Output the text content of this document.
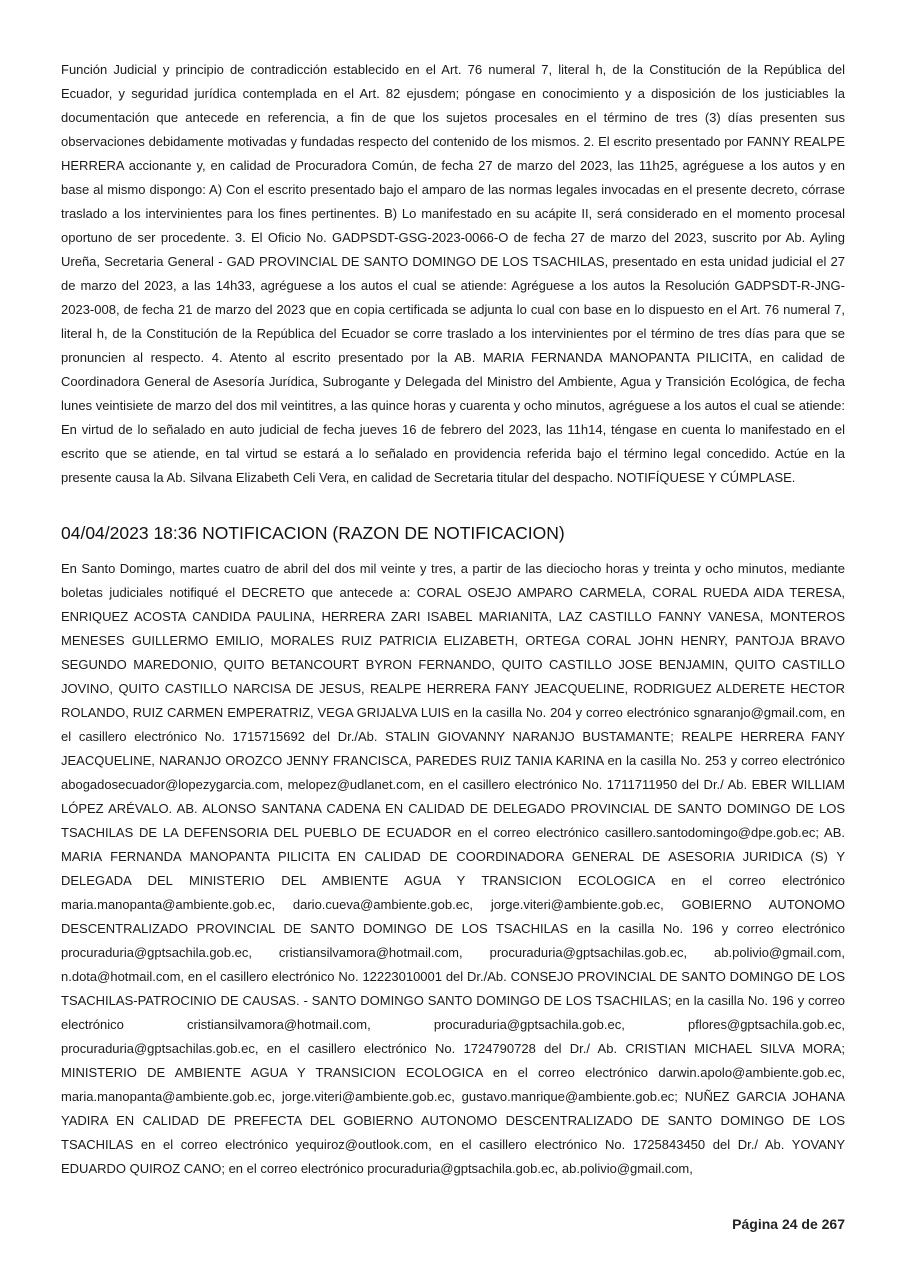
Función Judicial y principio de contradicción establecido en el Art. 76 numeral 7, literal h, de la Constitución de la República del Ecuador, y seguridad jurídica contemplada en el Art. 82 ejusdem; póngase en conocimiento y a disposición de los justiciables la documentación que antecede en referencia, a fin de que los sujetos procesales en el término de tres (3) días presenten sus observaciones debidamente motivadas y fundadas respecto del contenido de los mismos. 2. El escrito presentado por FANNY REALPE HERRERA accionante y, en calidad de Procuradora Común, de fecha 27 de marzo del 2023, las 11h25, agréguese a los autos y en base al mismo dispongo: A) Con el escrito presentado bajo el amparo de las normas legales invocadas en el presente decreto, córrase traslado a los intervinientes para los fines pertinentes. B) Lo manifestado en su acápite II, será considerado en el momento procesal oportuno de ser procedente. 3. El Oficio No. GADPSDT-GSG-2023-0066-O de fecha 27 de marzo del 2023, suscrito por Ab. Ayling Ureña, Secretaria General - GAD PROVINCIAL DE SANTO DOMINGO DE LOS TSACHILAS, presentado en esta unidad judicial el 27 de marzo del 2023, a las 14h33, agréguese a los autos el cual se atiende: Agréguese a los autos la Resolución GADPSDT-R-JNG-2023-008, de fecha 21 de marzo del 2023 que en copia certificada se adjunta lo cual con base en lo dispuesto en el Art. 76 numeral 7, literal h, de la Constitución de la República del Ecuador se corre traslado a los intervinientes por el término de tres días para que se pronuncien al respecto. 4. Atento al escrito presentado por la AB. MARIA FERNANDA MANOPANTA PILICITA, en calidad de Coordinadora General de Asesoría Jurídica, Subrogante y Delegada del Ministro del Ambiente, Agua y Transición Ecológica, de fecha lunes veintisiete de marzo del dos mil veintitres, a las quince horas y cuarenta y ocho minutos, agréguese a los autos el cual se atiende: En virtud de lo señalado en auto judicial de fecha jueves 16 de febrero del 2023, las 11h14, téngase en cuenta lo manifestado en el escrito que se atiende, en tal virtud se estará a lo señalado en providencia referida bajo el término legal concedido. Actúe en la presente causa la Ab. Silvana Elizabeth Celi Vera, en calidad de Secretaria titular del despacho. NOTIFÍQUESE Y CÚMPLASE.

04/04/2023 18:36 NOTIFICACION (RAZON DE NOTIFICACION)

En Santo Domingo, martes cuatro de abril del dos mil veinte y tres, a partir de las dieciocho horas y treinta y ocho minutos, mediante boletas judiciales notifiqué el DECRETO que antecede a: CORAL OSEJO AMPARO CARMELA, CORAL RUEDA AIDA TERESA, ENRIQUEZ ACOSTA CANDIDA PAULINA, HERRERA ZARI ISABEL MARIANITA, LAZ CASTILLO FANNY VANESA, MONTEROS MENESES GUILLERMO EMILIO, MORALES RUIZ PATRICIA ELIZABETH, ORTEGA CORAL JOHN HENRY, PANTOJA BRAVO SEGUNDO MAREDONIO, QUITO BETANCOURT BYRON FERNANDO, QUITO CASTILLO JOSE BENJAMIN, QUITO CASTILLO JOVINO, QUITO CASTILLO NARCISA DE JESUS, REALPE HERRERA FANY JEACQUELINE, RODRIGUEZ ALDERETE HECTOR ROLANDO, RUIZ CARMEN EMPERATRIZ, VEGA GRIJALVA LUIS en la casilla No. 204 y correo electrónico sgnaranjo@gmail.com, en el casillero electrónico No. 1715715692 del Dr./Ab. STALIN GIOVANNY NARANJO BUSTAMANTE; REALPE HERRERA FANY JEACQUELINE, NARANJO OROZCO JENNY FRANCISCA, PAREDES RUIZ TANIA KARINA en la casilla No. 253 y correo electrónico abogadosecuador@lopezygarcia.com, melopez@udlanet.com, en el casillero electrónico No. 1711711950 del Dr./ Ab. EBER WILLIAM LÓPEZ ARÉVALO. AB. ALONSO SANTANA CADENA EN CALIDAD DE DELEGADO PROVINCIAL DE SANTO DOMINGO DE LOS TSACHILAS DE LA DEFENSORIA DEL PUEBLO DE ECUADOR en el correo electrónico casillero.santodomingo@dpe.gob.ec; AB. MARIA FERNANDA MANOPANTA PILICITA EN CALIDAD DE COORDINADORA GENERAL DE ASESORIA JURIDICA (S) Y DELEGADA DEL MINISTERIO DEL AMBIENTE AGUA Y TRANSICION ECOLOGICA en el correo electrónico maria.manopanta@ambiente.gob.ec, dario.cueva@ambiente.gob.ec, jorge.viteri@ambiente.gob.ec, GOBIERNO AUTONOMO DESCENTRALIZADO PROVINCIAL DE SANTO DOMINGO DE LOS TSACHILAS en la casilla No. 196 y correo electrónico procuraduria@gptsachila.gob.ec, cristiansilvamora@hotmail.com, procuraduria@gptsachilas.gob.ec, ab.polivio@gmail.com, n.dota@hotmail.com, en el casillero electrónico No. 12223010001 del Dr./Ab. CONSEJO PROVINCIAL DE SANTO DOMINGO DE LOS TSACHILAS-PATROCINIO DE CAUSAS. - SANTO DOMINGO SANTO DOMINGO DE LOS TSACHILAS; en la casilla No. 196 y correo electrónico cristiansilvamora@hotmail.com, procuraduria@gptsachila.gob.ec, pflores@gptsachila.gob.ec, procuraduria@gptsachilas.gob.ec, en el casillero electrónico No. 1724790728 del Dr./ Ab. CRISTIAN MICHAEL SILVA MORA; MINISTERIO DE AMBIENTE AGUA Y TRANSICION ECOLOGICA en el correo electrónico darwin.apolo@ambiente.gob.ec, maria.manopanta@ambiente.gob.ec, jorge.viteri@ambiente.gob.ec, gustavo.manrique@ambiente.gob.ec; NUÑEZ GARCIA JOHANA YADIRA EN CALIDAD DE PREFECTA DEL GOBIERNO AUTONOMO DESCENTRALIZADO DE SANTO DOMINGO DE LOS TSACHILAS en el correo electrónico yequiroz@outlook.com, en el casillero electrónico No. 1725843450 del Dr./ Ab. YOVANY EDUARDO QUIROZ CANO; en el correo electrónico procuraduria@gptsachila.gob.ec, ab.polivio@gmail.com,

Página 24 de 267
